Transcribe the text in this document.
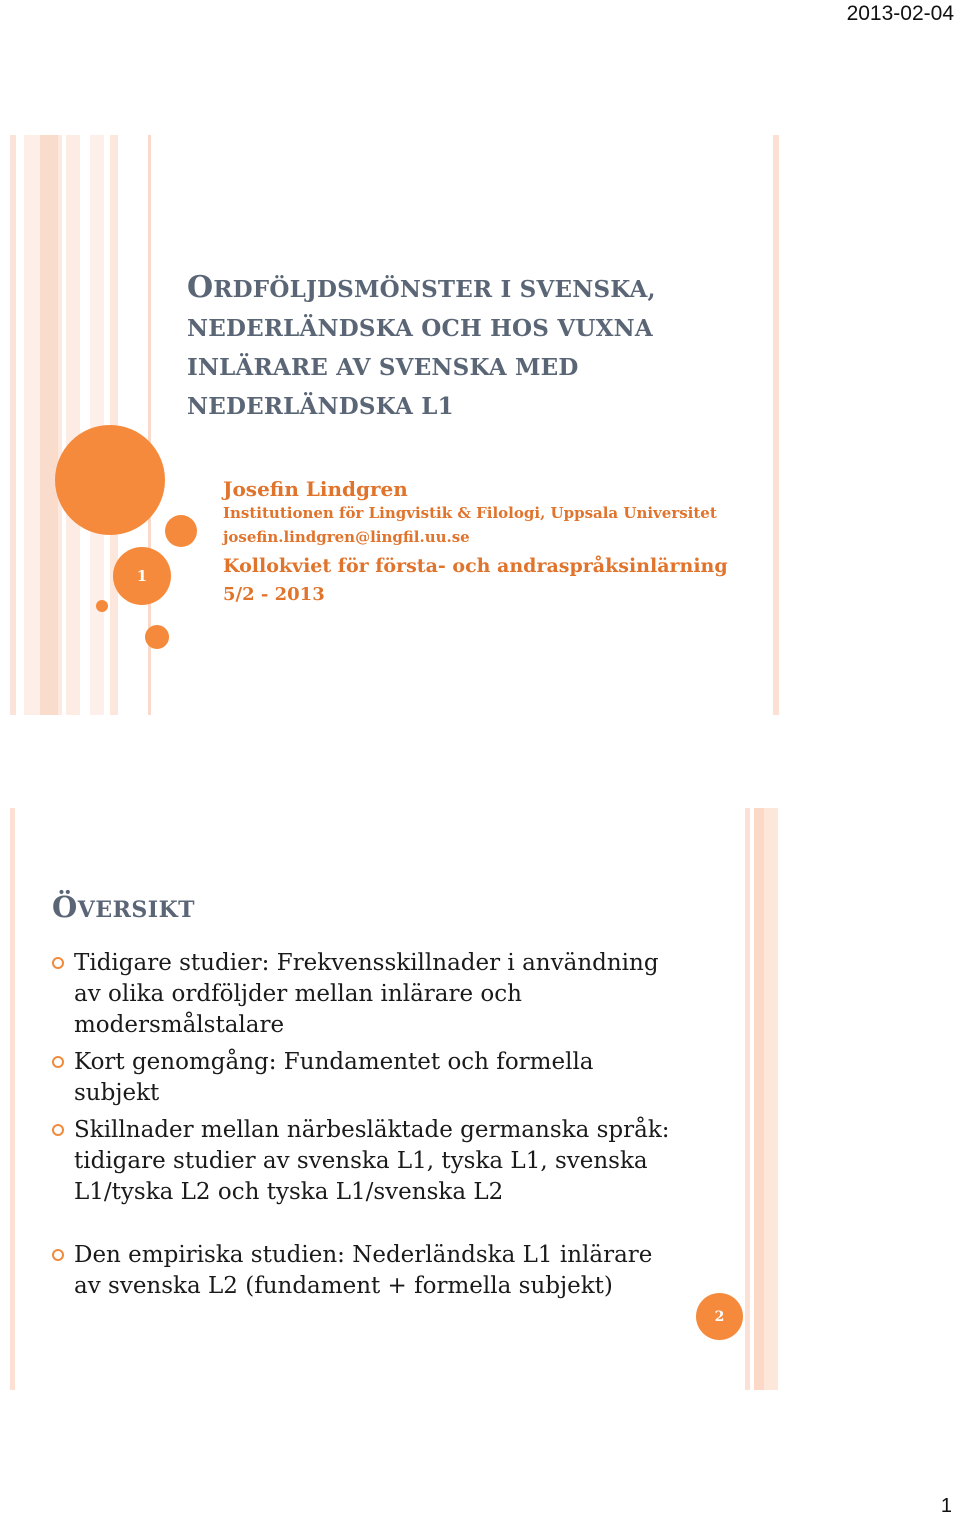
2013-02-04
1
ORDFÖLJDSMÖNSTER I SVENSKA,
NEDERLÄNDSKA OCH HOS VUXNA
INLÄRARE AV SVENSKA MED
NEDERLÄNDSKA L1
Josefin Lindgren
Institutionen för Lingvistik & Filologi, Uppsala Universitet
josefin.lindgren@lingfil.uu.se
Kollokviet för första- och andraspråksinlärning
5/2 - 2013
ÖVERSIKT
Tidigare studier: Frekvensskillnader i användning av olika ordföljder mellan inlärare och modersmålstalare
Kort genomgång: Fundamentet och formella subjekt
Skillnader mellan närbesläktade germanska språk: tidigare studier av svenska L1, tyska L1, svenska L1/tyska L2 och tyska L1/svenska L2
Den empiriska studien: Nederländska L1 inlärare av svenska L2 (fundament + formella subjekt)
2
1
